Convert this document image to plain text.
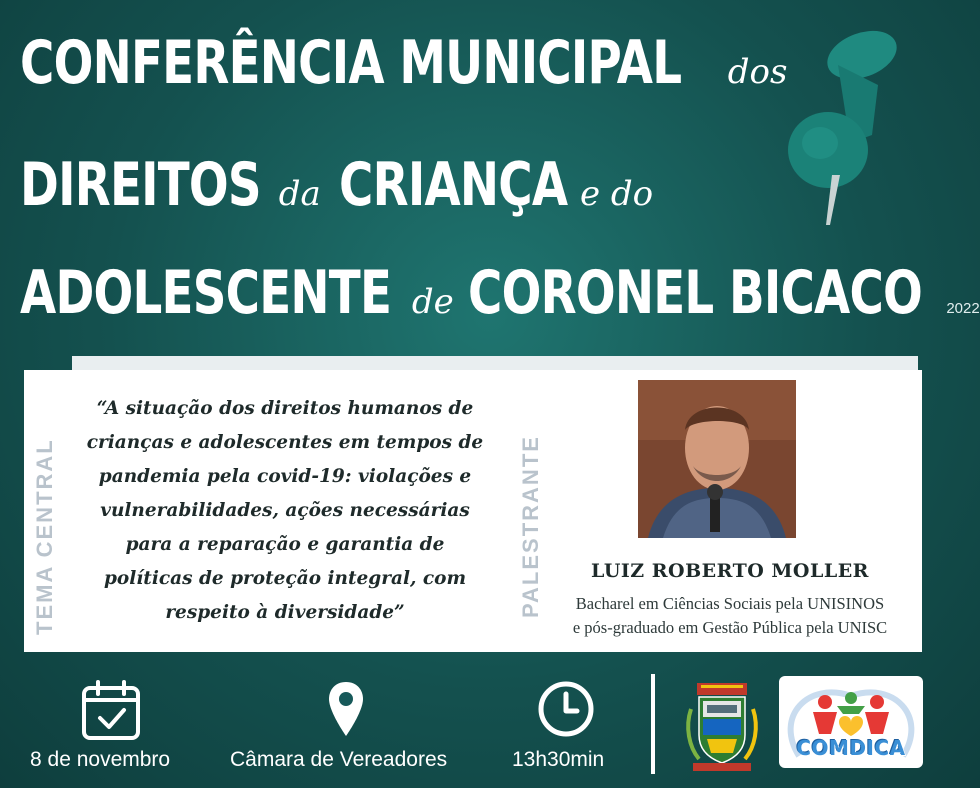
CONFERÊNCIA MUNICIPAL dos
DIREITOS da CRIANÇA e do
ADOLESCENTE de CORONEL BICACO 2022
TEMA CENTRAL
“A situação dos direitos humanos de crianças e adolescentes em tempos de pandemia pela covid-19: violações e vulnerabilidades, ações necessárias para a reparação e garantia de políticas de proteção integral, com respeito à diversidade”	PALESTRANTE	LUIZ ROBERTO MOLLER
Bacharel em Ciências Sociais pela UNISINOS
e pós-graduado em Gestão Pública pela UNISC
8 de novembro	Câmara de Vereadores	13h30min	COMDICA
